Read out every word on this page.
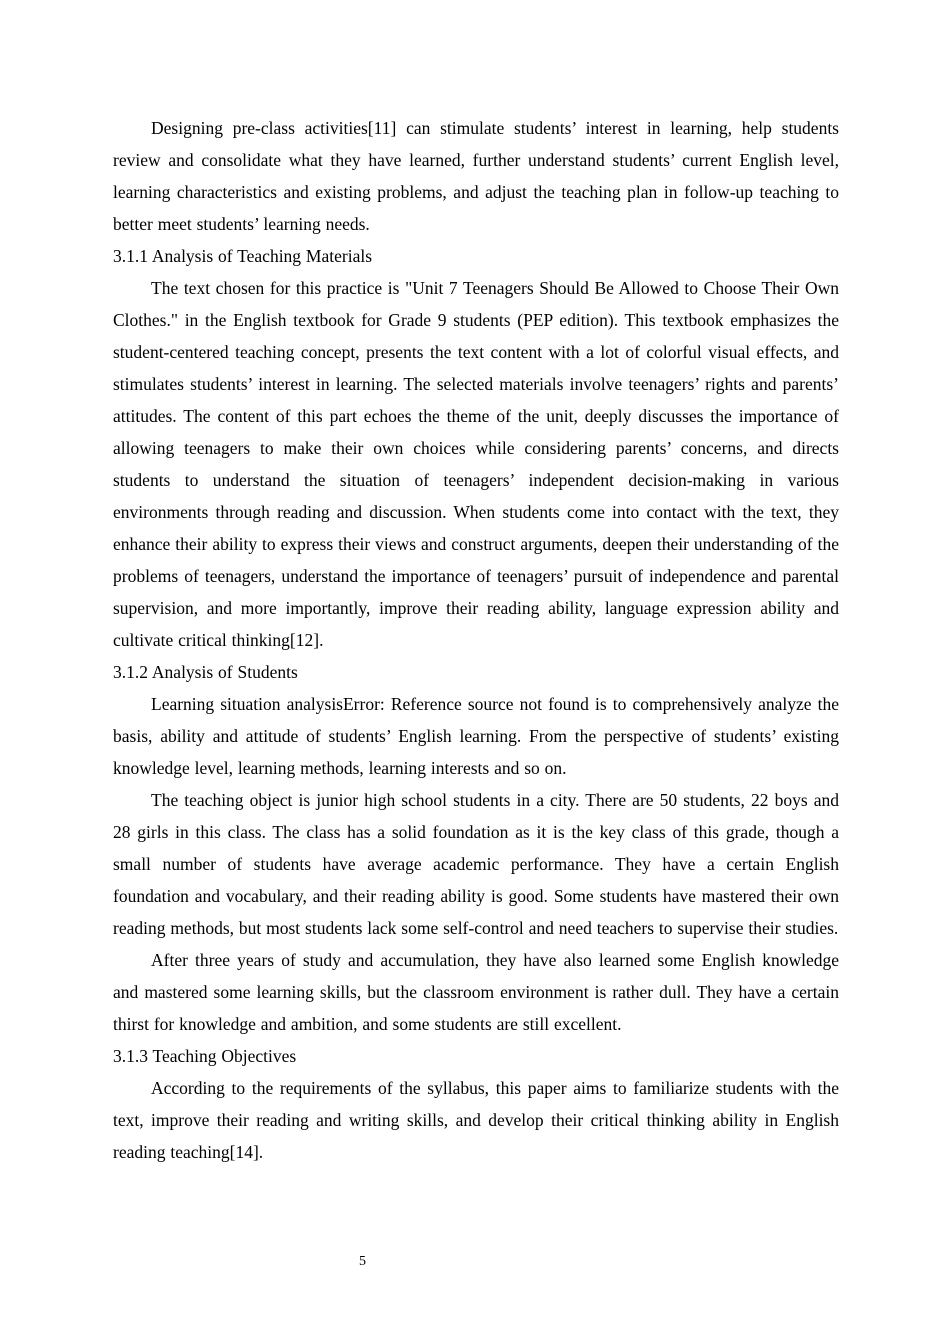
Designing pre-class activities[11] can stimulate students’ interest in learning, help students review and consolidate what they have learned, further understand students’ current English level, learning characteristics and existing problems, and adjust the teaching plan in follow-up teaching to better meet students’ learning needs.

3.1.1 Analysis of Teaching Materials

The text chosen for this practice is "Unit 7 Teenagers Should Be Allowed to Choose Their Own Clothes." in the English textbook for Grade 9 students (PEP edition). This textbook emphasizes the student-centered teaching concept, presents the text content with a lot of colorful visual effects, and stimulates students’ interest in learning. The selected materials involve teenagers’ rights and parents’ attitudes. The content of this part echoes the theme of the unit, deeply discusses the importance of allowing teenagers to make their own choices while considering parents’ concerns, and directs students to understand the situation of teenagers’ independent decision-making in various environments through reading and discussion. When students come into contact with the text, they enhance their ability to express their views and construct arguments, deepen their understanding of the problems of teenagers, understand the importance of teenagers’ pursuit of independence and parental supervision, and more importantly, improve their reading ability, language expression ability and cultivate critical thinking[12].

3.1.2 Analysis of Students

Learning situation analysisError: Reference source not found is to comprehensively analyze the basis, ability and attitude of students’ English learning. From the perspective of students’ existing knowledge level, learning methods, learning interests and so on.

The teaching object is junior high school students in a city. There are 50 students, 22 boys and 28 girls in this class. The class has a solid foundation as it is the key class of this grade, though a small number of students have average academic performance. They have a certain English foundation and vocabulary, and their reading ability is good. Some students have mastered their own reading methods, but most students lack some self-control and need teachers to supervise their studies.

After three years of study and accumulation, they have also learned some English knowledge and mastered some learning skills, but the classroom environment is rather dull. They have a certain thirst for knowledge and ambition, and some students are still excellent.

3.1.3 Teaching Objectives

According to the requirements of the syllabus, this paper aims to familiarize students with the text, improve their reading and writing skills, and develop their critical thinking ability in English reading teaching[14].

5
